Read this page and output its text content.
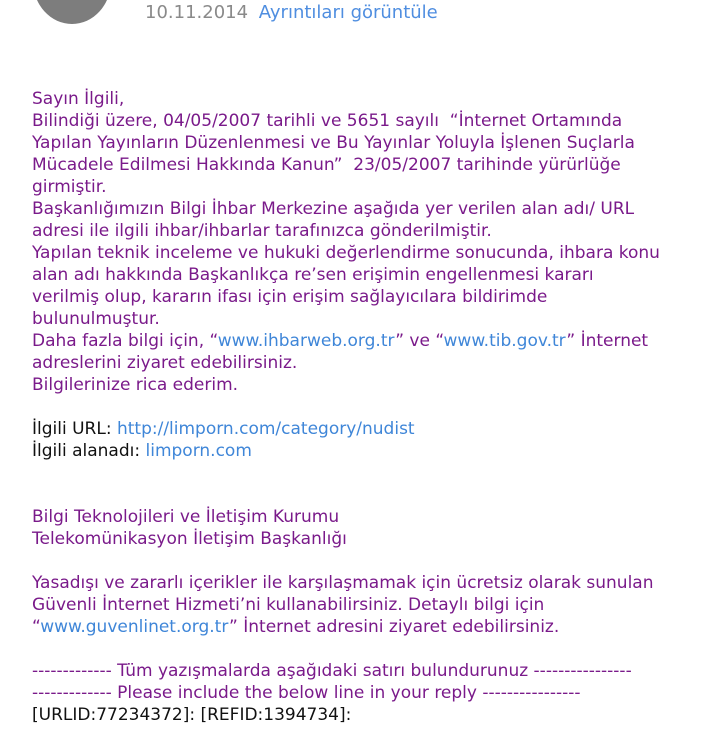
10.11.2014 Ayrıntıları görüntüle
Sayın İlgili,
Bilindiği üzere, 04/05/2007 tarihli ve 5651 sayılı  “İnternet Ortamında
Yapılan Yayınların Düzenlenmesi ve Bu Yayınlar Yoluyla İşlenen Suçlarla
Mücadele Edilmesi Hakkında Kanun”  23/05/2007 tarihinde yürürlüğe
girmiştir.
Başkanlığımızın Bilgi İhbar Merkezine aşağıda yer verilen alan adı/ URL
adresi ile ilgili ihbar/ihbarlar tarafınızca gönderilmiştir.
Yapılan teknik inceleme ve hukuki değerlendirme sonucunda, ihbara konu
alan adı hakkında Başkanlıkça re’sen erişimin engellenmesi kararı
verilmiş olup, kararın ifası için erişim sağlayıcılara bildirimde
bulunulmuştur.
Daha fazla bilgi için, “www.ihbarweb.org.tr” ve “www.tib.gov.tr” İnternet
adreslerini ziyaret edebilirsiniz.
Bilgilerinize rica ederim.
İlgili URL: http://limporn.com/category/nudist
İlgili alanadı: limporn.com
Bilgi Teknolojileri ve İletişim Kurumu
Telekomünikasyon İletişim Başkanlığı
Yasadışı ve zararlı içerikler ile karşılaşmamak için ücretsiz olarak sunulan
Güvenli İnternet Hizmeti’ni kullanabilirsiniz. Detaylı bilgi için
“www.guvenlinet.org.tr” İnternet adresini ziyaret edebilirsiniz.
------------- Tüm yazışmalarda aşağıdaki satırı bulundurunuz ----------------
------------- Please include the below line in your reply ----------------
[URLID:77234372]: [REFID:1394734]:
